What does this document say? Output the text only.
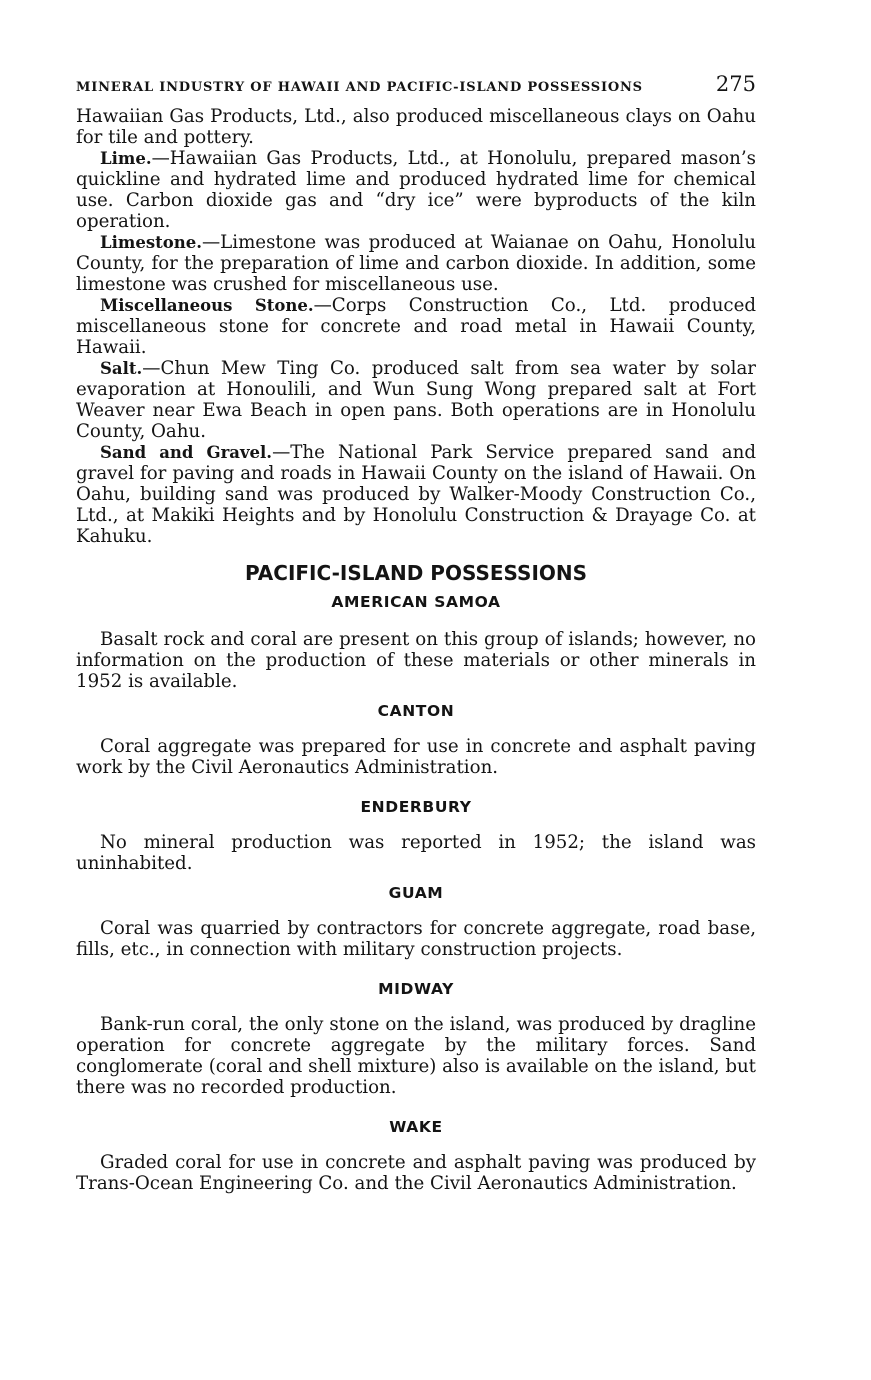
MINERAL INDUSTRY OF HAWAII AND PACIFIC-ISLAND POSSESSIONS	275

Hawaiian Gas Products, Ltd., also produced miscellaneous clays on Oahu for tile and pottery.

Lime.—Hawaiian Gas Products, Ltd., at Honolulu, prepared mason’s quickline and hydrated lime and produced hydrated lime for chemical use. Carbon dioxide gas and “dry ice” were byproducts of the kiln operation.

Limestone.—Limestone was produced at Waianae on Oahu, Honolulu County, for the preparation of lime and carbon dioxide. In addition, some limestone was crushed for miscellaneous use.

Miscellaneous Stone.—Corps Construction Co., Ltd. produced miscellaneous stone for concrete and road metal in Hawaii County, Hawaii.

Salt.—Chun Mew Ting Co. produced salt from sea water by solar evaporation at Honoulili, and Wun Sung Wong prepared salt at Fort Weaver near Ewa Beach in open pans. Both operations are in Honolulu County, Oahu.

Sand and Gravel.—The National Park Service prepared sand and gravel for paving and roads in Hawaii County on the island of Hawaii. On Oahu, building sand was produced by Walker-Moody Construction Co., Ltd., at Makiki Heights and by Honolulu Construction & Drayage Co. at Kahuku.

PACIFIC-ISLAND POSSESSIONS
AMERICAN SAMOA

Basalt rock and coral are present on this group of islands; however, no information on the production of these materials or other minerals in 1952 is available.

CANTON

Coral aggregate was prepared for use in concrete and asphalt paving work by the Civil Aeronautics Administration.

ENDERBURY

No mineral production was reported in 1952; the island was uninhabited.

GUAM

Coral was quarried by contractors for concrete aggregate, road base, fills, etc., in connection with military construction projects.

MIDWAY

Bank-run coral, the only stone on the island, was produced by dragline operation for concrete aggregate by the military forces. Sand conglomerate (coral and shell mixture) also is available on the island, but there was no recorded production.

WAKE

Graded coral for use in concrete and asphalt paving was produced by Trans-Ocean Engineering Co. and the Civil Aeronautics Administration.
